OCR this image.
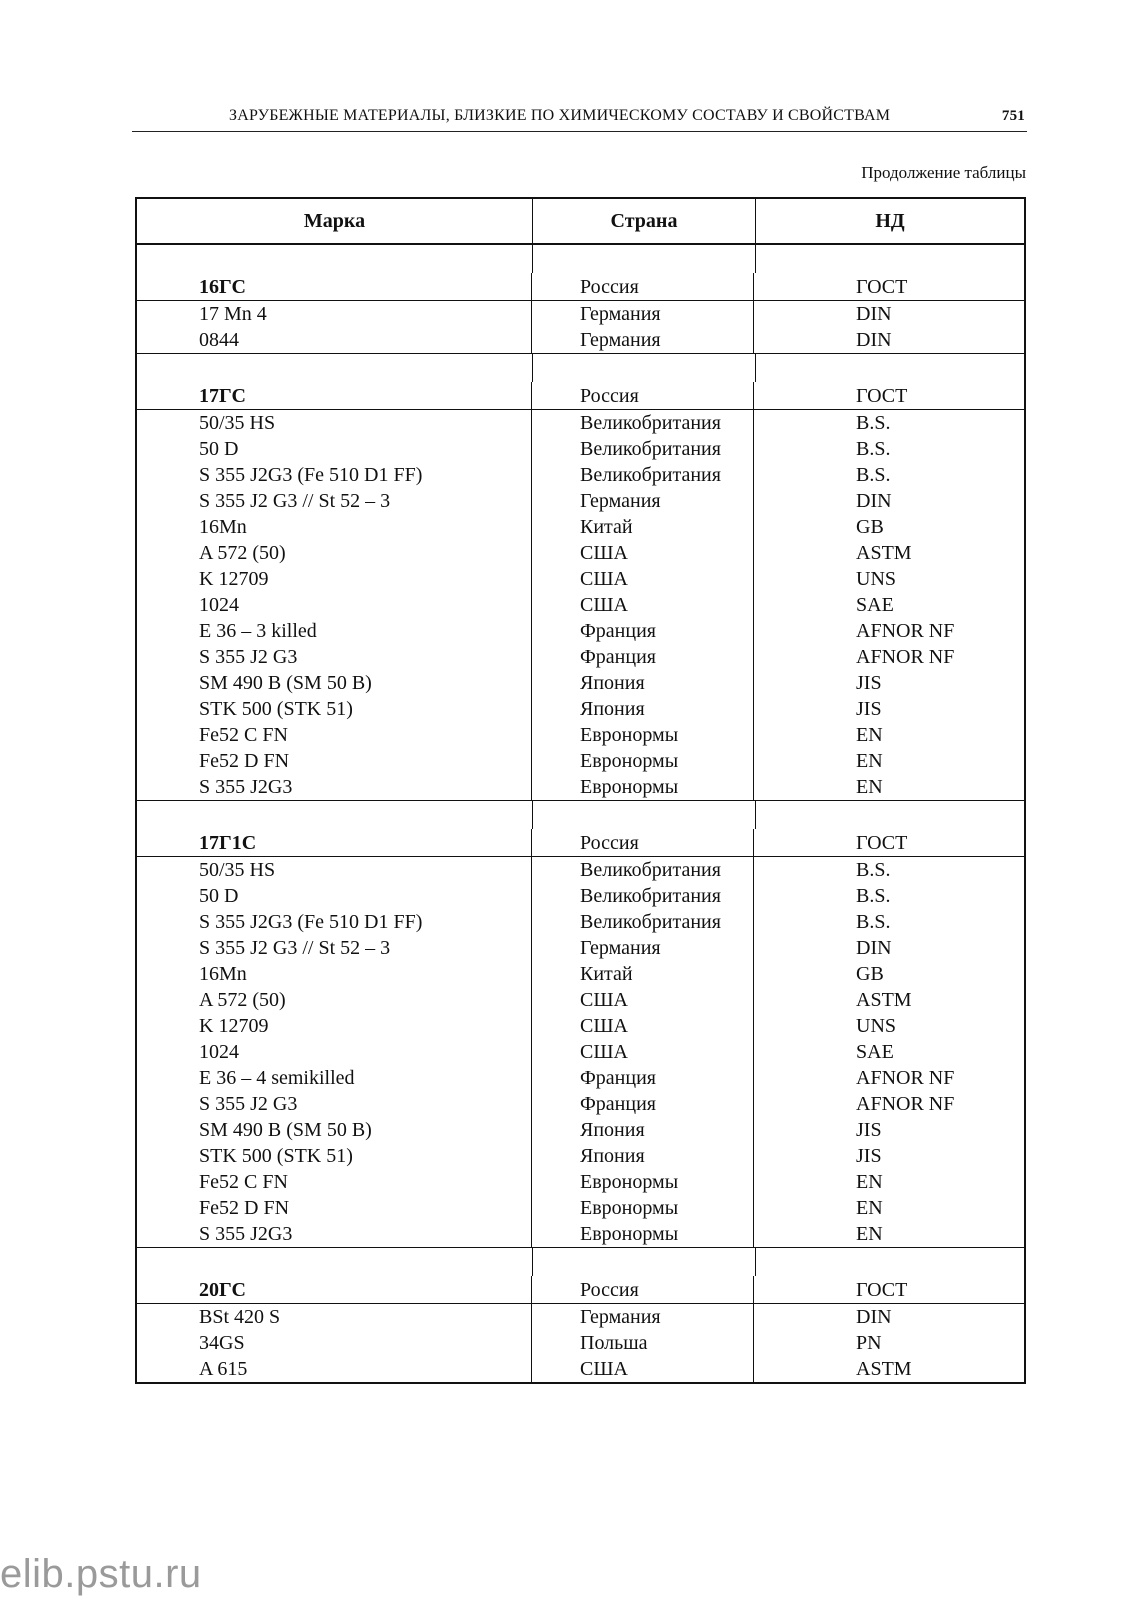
ЗАРУБЕЖНЫЕ МАТЕРИАЛЫ, БЛИЗКИЕ ПО ХИМИЧЕСКОМУ СОСТАВУ И СВОЙСТВАМ	751
Продолжение таблицы
Марка	Страна	НД
16ГС	Россия	ГОСТ
17 Mn 4	Германия	DIN
0844	Германия	DIN
17ГС	Россия	ГОСТ
50/35 HS	Великобритания	B.S.
50 D	Великобритания	B.S.
S 355 J2G3 (Fe 510 D1 FF)	Великобритания	B.S.
S 355 J2 G3 // St 52 – 3	Германия	DIN
16Mn	Китай	GB
A 572 (50)	США	ASTM
K 12709	США	UNS
1024	США	SAE
E 36 – 3 killed	Франция	AFNOR NF
S 355 J2 G3	Франция	AFNOR NF
SM 490 B (SM 50 B)	Япония	JIS
STK 500 (STK 51)	Япония	JIS
Fe52 C FN	Евронормы	EN
Fe52 D FN	Евронормы	EN
S 355 J2G3	Евронормы	EN
17Г1С	Россия	ГОСТ
50/35 HS	Великобритания	B.S.
50 D	Великобритания	B.S.
S 355 J2G3 (Fe 510 D1 FF)	Великобритания	B.S.
S 355 J2 G3 // St 52 – 3	Германия	DIN
16Mn	Китай	GB
A 572 (50)	США	ASTM
K 12709	США	UNS
1024	США	SAE
E 36 – 4 semikilled	Франция	AFNOR NF
S 355 J2 G3	Франция	AFNOR NF
SM 490 B (SM 50 B)	Япония	JIS
STK 500 (STK 51)	Япония	JIS
Fe52 C FN	Евронормы	EN
Fe52 D FN	Евронормы	EN
S 355 J2G3	Евронормы	EN
20ГС	Россия	ГОСТ
BSt 420 S	Германия	DIN
34GS	Польша	PN
A 615	США	ASTM
elib.pstu.ru
